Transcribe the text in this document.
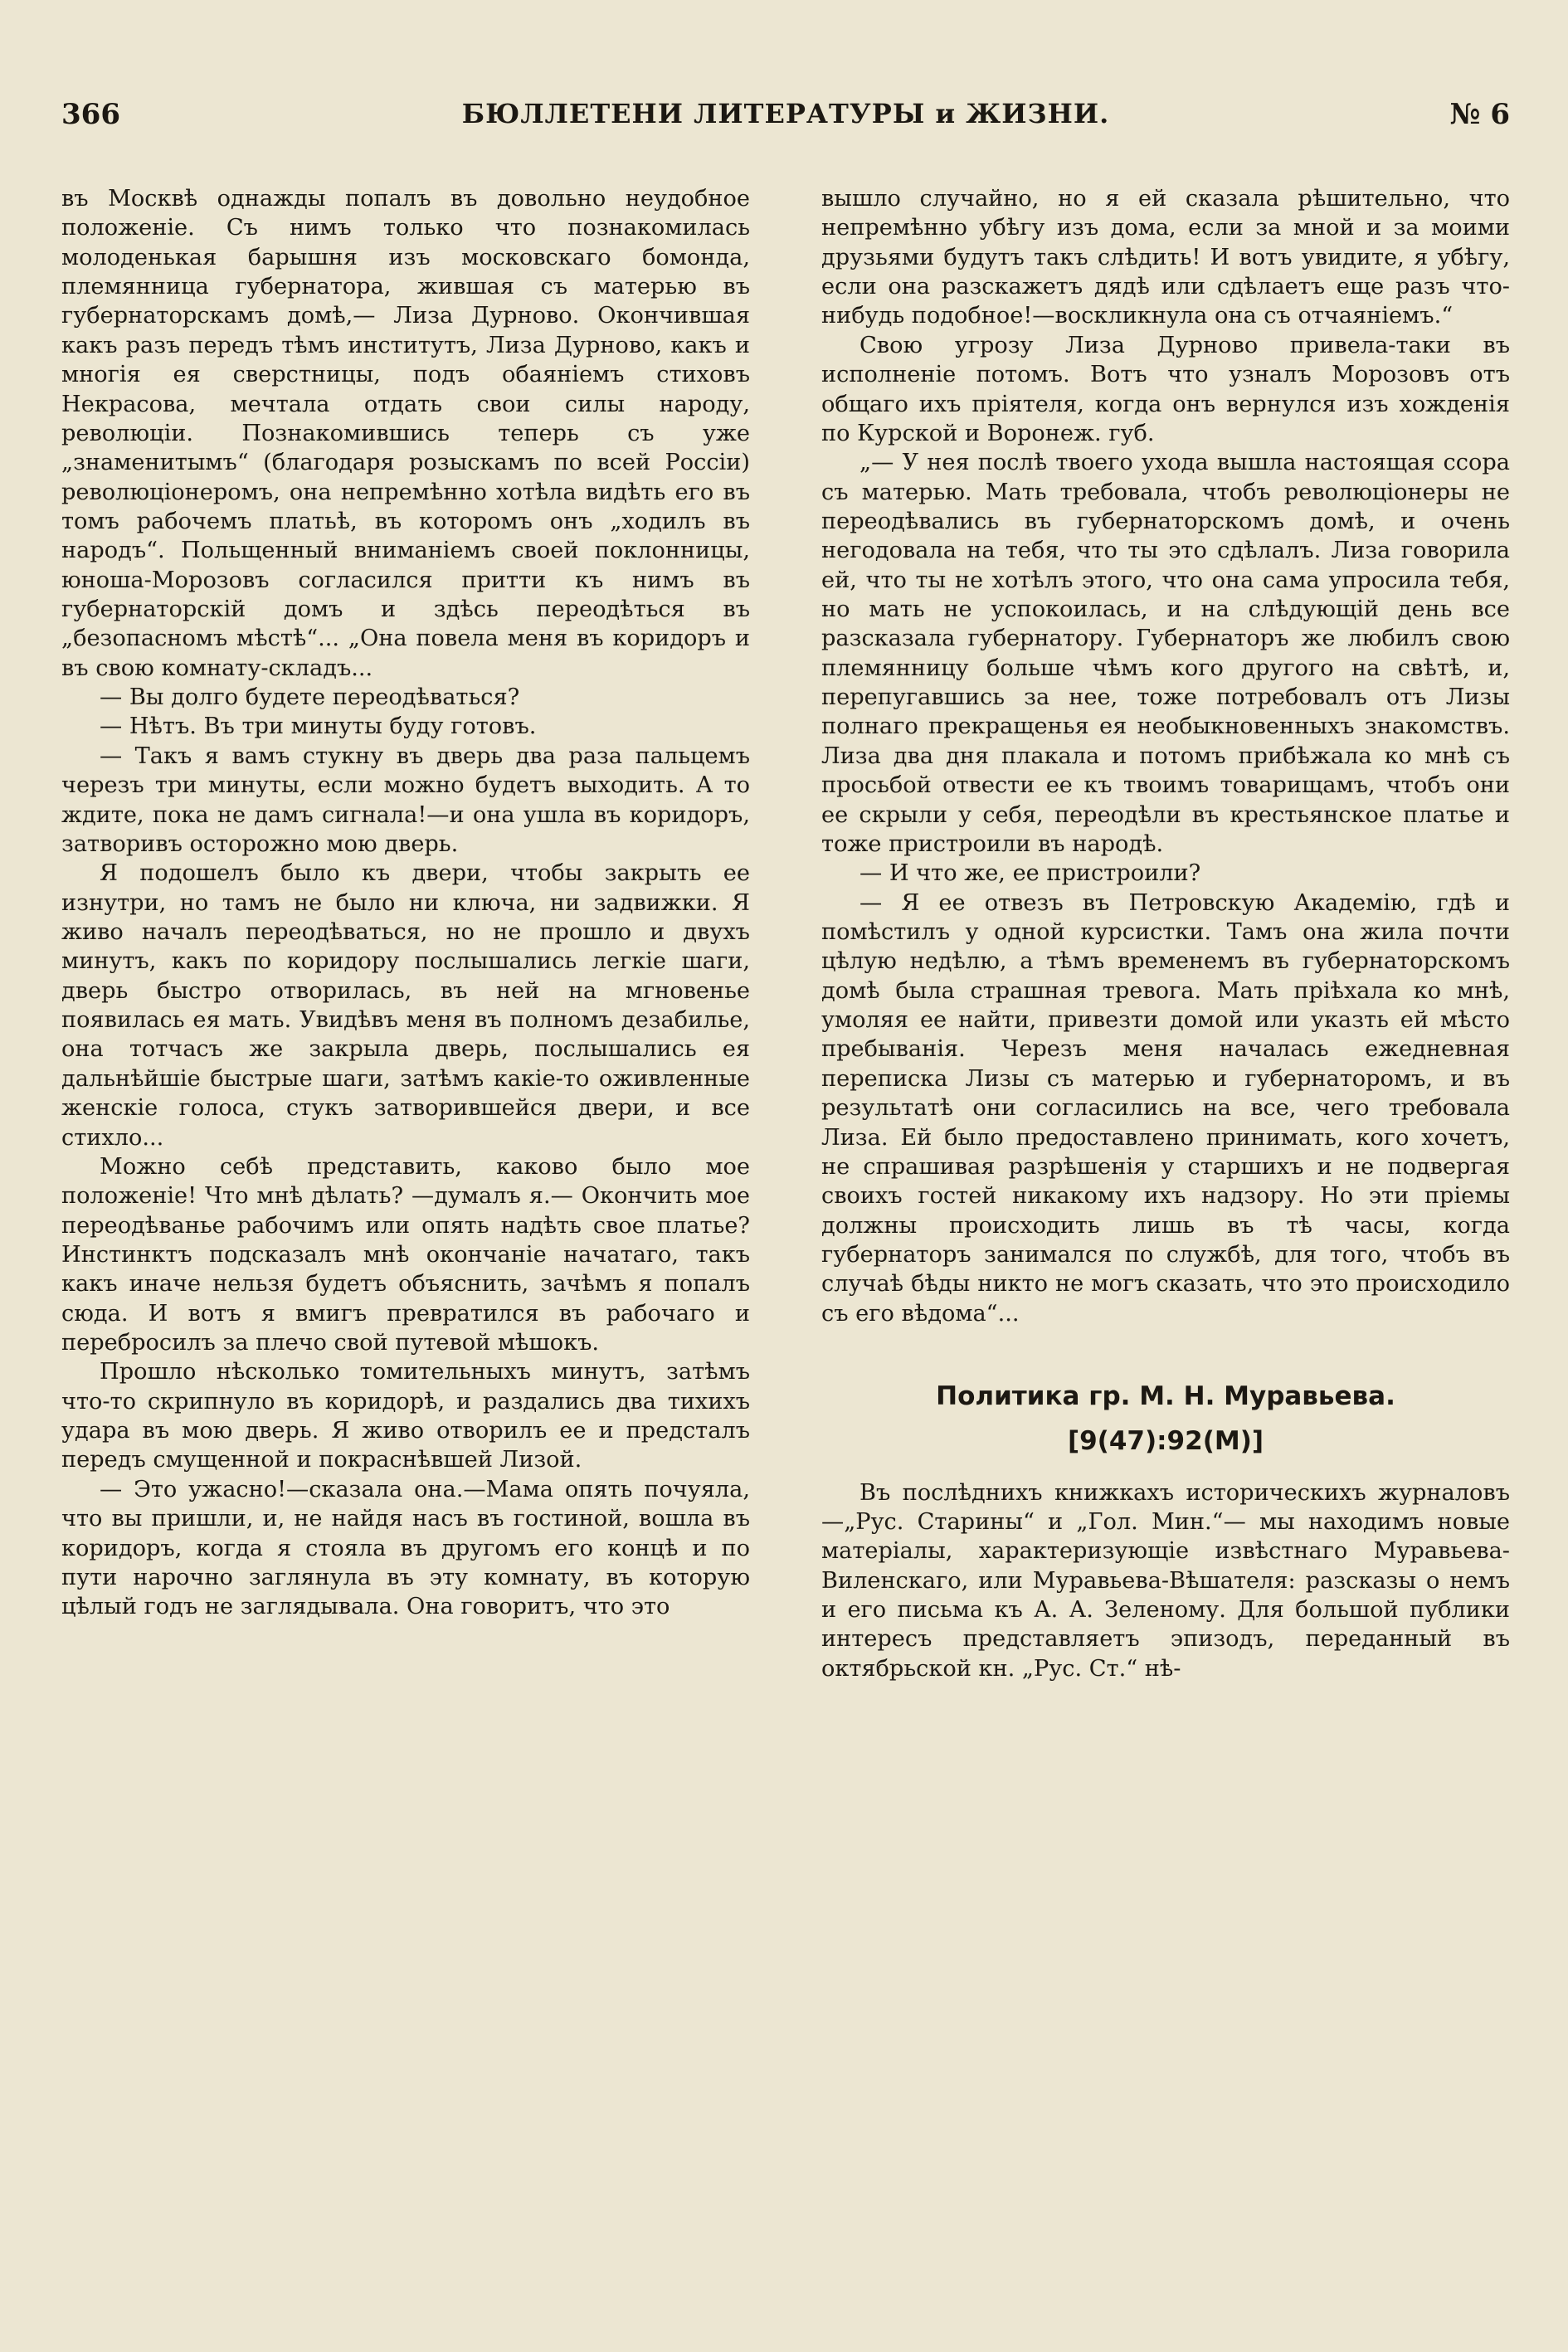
366	БЮЛЛЕТЕНИ ЛИТЕРАТУРЫ и ЖИЗНИ.	№ 6

въ Москвѣ однажды попалъ въ довольно неудобное положеніе. Съ нимъ только что познакомилась молоденькая барышня изъ московскаго бомонда, племянница губернатора, жившая съ матерью въ губернаторскамъ домѣ,— Лиза Дурново. Окончившая какъ разъ передъ тѣмъ институтъ, Лиза Дурново, какъ и многія ея сверстницы, подъ обаяніемъ стиховъ Некрасова, мечтала отдать свои силы народу, революціи. Познакомившись теперь съ уже „знаменитымъ“ (благодаря розыскамъ по всей Россіи) революціонеромъ, она непремѣнно хотѣла видѣть его въ томъ рабочемъ платьѣ, въ которомъ онъ „ходилъ въ народъ“. Польщенный вниманіемъ своей поклонницы, юноша-Морозовъ согласился притти къ нимъ въ губернаторскій домъ и здѣсь переодѣться въ „безопасномъ мѣстѣ“... „Она повела меня въ коридоръ и въ свою комнату-складъ...

— Вы долго будете переодѣваться?

— Нѣтъ. Въ три минуты буду готовъ.

— Такъ я вамъ стукну въ дверь два раза пальцемъ черезъ три минуты, если можно будетъ выходить. А то ждите, пока не дамъ сигнала!—и она ушла въ коридоръ, затворивъ осторожно мою дверь.

Я подошелъ было къ двери, чтобы закрыть ее изнутри, но тамъ не было ни ключа, ни задвижки. Я живо началъ переодѣваться, но не прошло и двухъ минутъ, какъ по коридору послышались легкіе шаги, дверь быстро отворилась, въ ней на мгновенье появилась ея мать. Увидѣвъ меня въ полномъ дезабилье, она тотчасъ же закрыла дверь, послышались ея дальнѣйшіе быстрые шаги, затѣмъ какіе-то оживленные женскіе голоса, стукъ затворившейся двери, и все стихло...

Можно себѣ представить, каково было мое положеніе! Что мнѣ дѣлать? —думалъ я.— Окончить мое переодѣванье рабочимъ или опять надѣть свое платье? Инстинктъ подсказалъ мнѣ окончаніе начатаго, такъ какъ иначе нельзя будетъ объяснить, зачѣмъ я попалъ сюда. И вотъ я вмигъ превратился въ рабочаго и перебросилъ за плечо свой путевой мѣшокъ.

Прошло нѣсколько томительныхъ минутъ, затѣмъ что-то скрипнуло въ коридорѣ, и раздались два тихихъ удара въ мою дверь. Я живо отворилъ ее и предсталъ передъ смущенной и покраснѣвшей Лизой.

— Это ужасно!—сказала она.—Мама опять почуяла, что вы пришли, и, не найдя насъ въ гостиной, вошла въ коридоръ, когда я стояла въ другомъ его концѣ и по пути нарочно заглянула въ эту комнату, въ которую цѣлый годъ не заглядывала. Она говоритъ, что это

вышло случайно, но я ей сказала рѣшительно, что непремѣнно убѣгу изъ дома, если за мной и за моими друзьями будутъ такъ слѣдить! И вотъ увидите, я убѣгу, если она разскажетъ дядѣ или сдѣлаетъ еще разъ что-нибудь подобное!—воскликнула она съ отчаяніемъ.“

Свою угрозу Лиза Дурново привела-таки въ исполненіе потомъ. Вотъ что узналъ Морозовъ отъ общаго ихъ пріятеля, когда онъ вернулся изъ хожденія по Курской и Воронеж. губ.

„— У нея послѣ твоего ухода вышла настоящая ссора съ матерью. Мать требовала, чтобъ революціонеры не переодѣвались въ губернаторскомъ домѣ, и очень негодовала на тебя, что ты это сдѣлалъ. Лиза говорила ей, что ты не хотѣлъ этого, что она сама упросила тебя, но мать не успокоилась, и на слѣдующій день все разсказала губернатору. Губернаторъ же любилъ свою племянницу больше чѣмъ кого другого на свѣтѣ, и, перепугавшись за нее, тоже потребовалъ отъ Лизы полнаго прекращенья ея необыкновенныхъ знакомствъ. Лиза два дня плакала и потомъ прибѣжала ко мнѣ съ просьбой отвести ее къ твоимъ товарищамъ, чтобъ они ее скрыли у себя, переодѣли въ крестьянское платье и тоже пристроили въ народѣ.

— И что же, ее пристроили?

— Я ее отвезъ въ Петровскую Академію, гдѣ и помѣстилъ у одной курсистки. Тамъ она жила почти цѣлую недѣлю, а тѣмъ временемъ въ губернаторскомъ домѣ была страшная тревога. Мать пріѣхала ко мнѣ, умоляя ее найти, привезти домой или указть ей мѣсто пребыванія. Черезъ меня началась ежедневная переписка Лизы съ матерью и губернаторомъ, и въ результатѣ они согласились на все, чего требовала Лиза. Ей было предоставлено принимать, кого хочетъ, не спрашивая разрѣшенія у старшихъ и не подвергая своихъ гостей никакому ихъ надзору. Но эти пріемы должны происходить лишь въ тѣ часы, когда губернаторъ занимался по службѣ, для того, чтобъ въ случаѣ бѣды никто не могъ сказать, что это происходило съ его вѣдома“...

Политика гр. М. Н. Муравьева.
[9(47):92(М)]

Въ послѣднихъ книжкахъ историческихъ журналовъ —„Рус. Старины“ и „Гол. Мин.“— мы находимъ новые матеріалы, характеризующіе извѣстнаго Муравьева-Виленскаго, или Муравьева-Вѣшателя: разсказы о немъ и его письма къ А. А. Зеленому. Для большой публики интересъ представляетъ эпизодъ, переданный въ октябрьской кн. „Рус. Ст.“ нѣ-
